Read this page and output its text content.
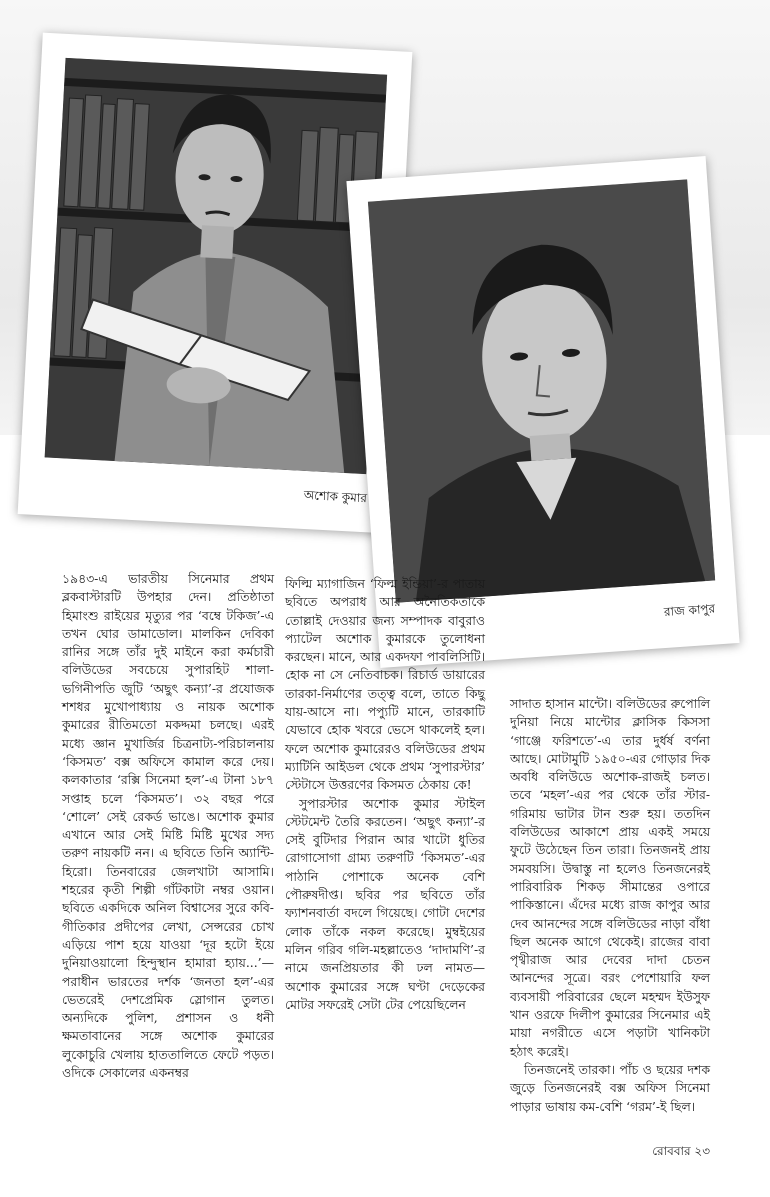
অশোক কুমার
রাজ কাপুর

১৯৪৩-এ ভারতীয় সিনেমার প্রথম ব্লকবাস্টারটি উপহার দেন। প্রতিষ্ঠাতা হিমাংশু রাইয়ের মৃত্যুর পর ‘বম্বে টকিজ’-এ তখন ঘোর ডামাডোল। মালকিন দেবিকা রানির সঙ্গে তাঁর দুই মাইনে করা কর্মচারী বলিউডের সবচেয়ে সুপারহিট শালা-ভগিনীপতি জুটি ‘অছুৎ কন্যা’-র প্রযোজক শশধর মুখোপাধ্যায় ও নায়ক অশোক কুমারের রীতিমতো মকদ্দমা চলছে। এরই মধ্যে জ্ঞান মুখার্জির চিত্রনাট্য-পরিচালনায় ‘কিসমত’ বক্স অফিসে কামাল করে দেয়। কলকাতার ‘রক্সি সিনেমা হল’-এ টানা ১৮৭ সপ্তাহ চলে ‘কিসমত’। ৩২ বছর পরে ‘শোলে’ সেই রেকর্ড ভাঙে। অশোক কুমার এখানে আর সেই মিষ্টি মিষ্টি মুখের সদ্য তরুণ নায়কটি নন। এ ছবিতে তিনি অ্যান্টি-হিরো। তিনবারের জেলখাটা আসামি। শহরের কৃতী শিল্পী গাঁটকাটা নম্বর ওয়ান। ছবিতে একদিকে অনিল বিশ্বাসের সুরে কবি-গীতিকার প্রদীপের লেখা, সেন্সরের চোখ এড়িয়ে পাশ হয়ে যাওয়া ‘দূর হটো ইয়ে দুনিয়াওয়ালো হিন্দুস্থান হামারা হ্যায়...’— পরাধীন ভারতের দর্শক ‘জনতা হল’-এর ভেতরেই দেশপ্রেমিক স্লোগান তুলত। অন্যদিকে পুলিশ, প্রশাসন ও ধনী ক্ষমতাবানের সঙ্গে অশোক কুমারের লুকোচুরি খেলায় হাততালিতে ফেটে পড়ত। ওদিকে সেকালের একনম্বর

ফিল্মি ম্যাগাজিন ‘ফিল্ম ইন্ডিয়া’-র পাতায় ছবিতে অপরাধ আর অনৈতিকতাকে তোল্লাই দেওয়ার জন্য সম্পাদক বাবুরাও প্যাটেল অশোক কুমারকে তুলোধনা করছেন। মানে, আর একদফা পাবলিসিটি। হোক না সে নেতিবাচক। রিচার্ড ডায়ারের তারকা-নির্মাণের তত্ত্ব বলে, তাতে কিছু যায়-আসে না। পপ্যুটি মানে, তারকাটি যেভাবে হোক খবরে ভেসে থাকলেই হল। ফলে অশোক কুমারেরও বলিউডের প্রথম ম্যাটিনি আইডল থেকে প্রথম ‘সুপারস্টার’ স্টেটাসে উত্তরণের কিসমত ঠেকায় কে!

সুপারস্টার অশোক কুমার স্টাইল স্টেটমেন্ট তৈরি করতেন। ‘অছুৎ কন্যা’-র সেই বুটিদার পিরান আর খাটো ধুতির রোগাসোগা গ্রাম্য তরুণটি ‘কিসমত’-এর পাঠানি পোশাকে অনেক বেশি পৌরুষদীপ্ত। ছবির পর ছবিতে তাঁর ফ্যাশনবার্তা বদলে গিয়েছে। গোটা দেশের লোক তাঁকে নকল করেছে। মুম্বইয়ের মলিন গরিব গলি-মহল্লাতেও ‘দাদামণি’-র নামে জনপ্রিয়তার কী ঢল নামত— অশোক কুমারের সঙ্গে ঘণ্টা দেড়েকের মোটর সফরেই সেটা টের পেয়েছিলেন

সাদাত হাসান মান্টো। বলিউডের রুপোলি দুনিয়া নিয়ে মান্টোর ক্লাসিক কিসসা ‘গাঞ্জে ফরিশতে’-এ তার দুর্ধর্ষ বর্ণনা আছে। মোটামুটি ১৯৫০-এর গোড়ার দিক অবধি বলিউডে অশোক-রাজই চলত। তবে ‘মহল’-এর পর থেকে তাঁর স্টার-গরিমায় ভাটার টান শুরু হয়। ততদিন বলিউডের আকাশে প্রায় একই সময়ে ফুটে উঠেছেন তিন তারা। তিনজনই প্রায় সমবয়সি। উদ্বাস্তু না হলেও তিনজনেরই পারিবারিক শিকড় সীমান্তের ওপারে পাকিস্তানে। এঁদের মধ্যে রাজ কাপুর আর দেব আনন্দের সঙ্গে বলিউডের নাড়া বাঁধা ছিল অনেক আগে থেকেই। রাজের বাবা পৃথ্বীরাজ আর দেবের দাদা চেতন আনন্দের সূত্রে। বরং পেশোয়ারি ফল ব্যবসায়ী পরিবারের ছেলে মহম্মদ ইউসুফ খান ওরফে দিলীপ কুমারের সিনেমার এই মায়া নগরীতে এসে পড়াটা খানিকটা হঠাৎ করেই।

তিনজনেই তারকা। পাঁচ ও ছয়ের দশক জুড়ে তিনজনেরই বক্স অফিস সিনেমা পাড়ার ভাষায় কম-বেশি ‘গরম’-ই ছিল।

রোববার ২৩
